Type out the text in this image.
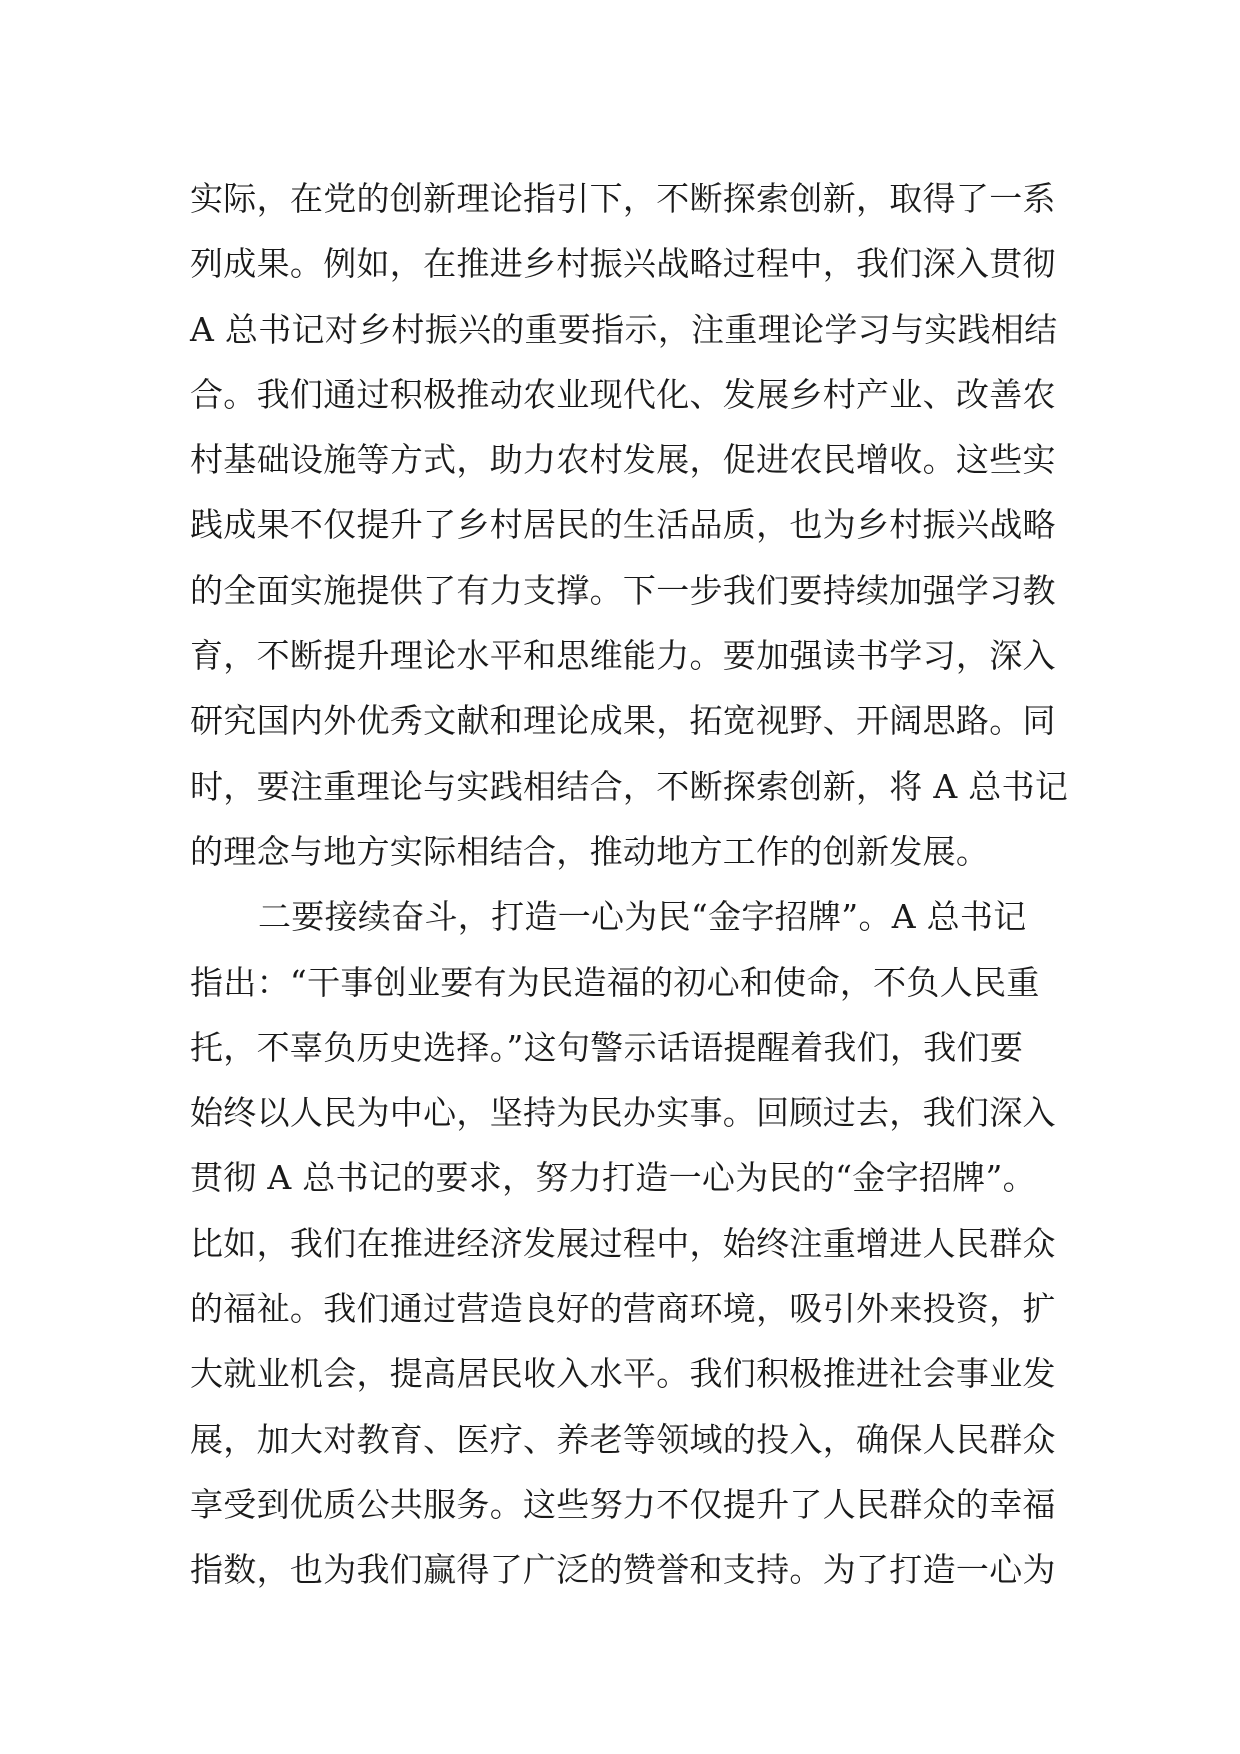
实际，在党的创新理论指引下，不断探索创新，取得了一系
列成果。例如，在推进乡村振兴战略过程中，我们深入贯彻
A 总书记对乡村振兴的重要指示，注重理论学习与实践相结
合。我们通过积极推动农业现代化、发展乡村产业、改善农
村基础设施等方式，助力农村发展，促进农民增收。这些实
践成果不仅提升了乡村居民的生活品质，也为乡村振兴战略
的全面实施提供了有力支撑。下一步我们要持续加强学习教
育，不断提升理论水平和思维能力。要加强读书学习，深入
研究国内外优秀文献和理论成果，拓宽视野、开阔思路。同
时，要注重理论与实践相结合，不断探索创新，将 A 总书记
的理念与地方实际相结合，推动地方工作的创新发展。
二要接续奋斗，打造一心为民“金字招牌”。A 总书记
指出：“干事创业要有为民造福的初心和使命，不负人民重
托，不辜负历史选择。”这句警示话语提醒着我们，我们要
始终以人民为中心，坚持为民办实事。回顾过去，我们深入
贯彻 A 总书记的要求，努力打造一心为民的“金字招牌”。
比如，我们在推进经济发展过程中，始终注重增进人民群众
的福祉。我们通过营造良好的营商环境，吸引外来投资，扩
大就业机会，提高居民收入水平。我们积极推进社会事业发
展，加大对教育、医疗、养老等领域的投入，确保人民群众
享受到优质公共服务。这些努力不仅提升了人民群众的幸福
指数，也为我们赢得了广泛的赞誉和支持。为了打造一心为
